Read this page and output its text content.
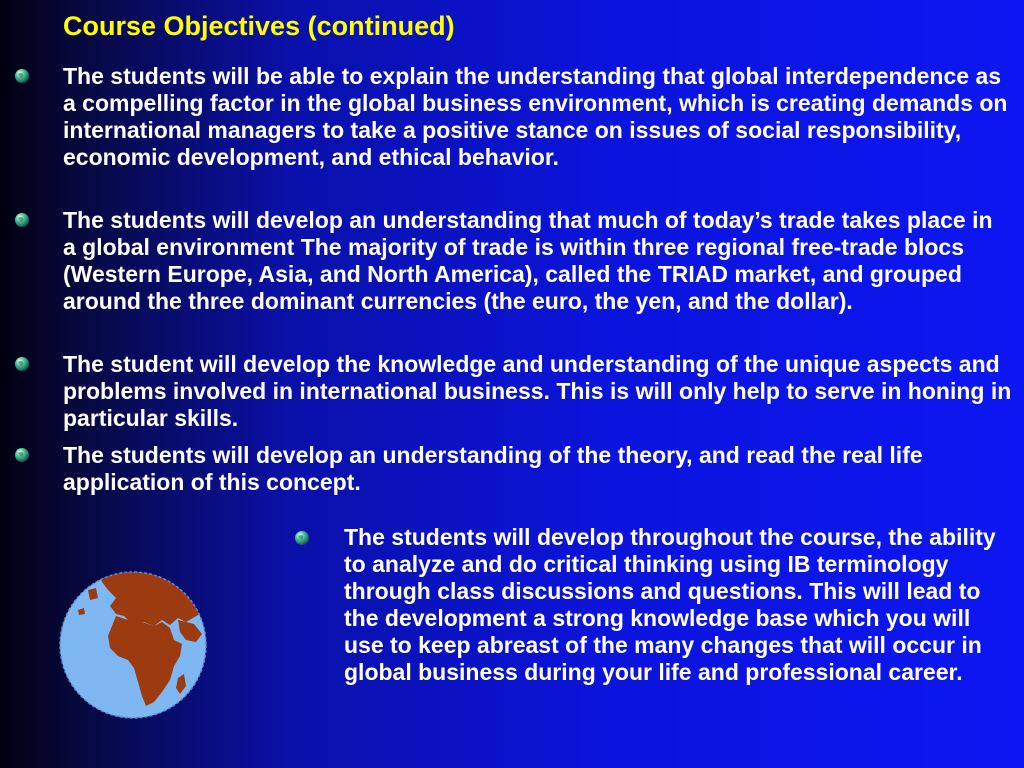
Course Objectives (continued)

The students will be able to explain the understanding that global interdependence as a compelling factor in the global business environment, which is creating demands on international managers to take a positive stance on issues of social responsibility, economic development, and ethical behavior.

The students will develop an understanding that much of today’s trade takes place in a global environment The majority of trade is within three regional free-trade blocs (Western Europe, Asia, and North America), called the TRIAD market, and grouped around the three dominant currencies (the euro, the yen, and the dollar).

The student will develop the knowledge and understanding of the unique aspects and problems involved in international business. This is will only help to serve in honing in particular skills.

The students will develop an understanding of the theory, and read the real life application of this concept.

The students will develop throughout the course, the ability to analyze and do critical thinking using IB terminology through class discussions and questions. This will lead to the development a strong knowledge base which you will use to keep abreast of the many changes that will occur in global business during your life and professional career.
